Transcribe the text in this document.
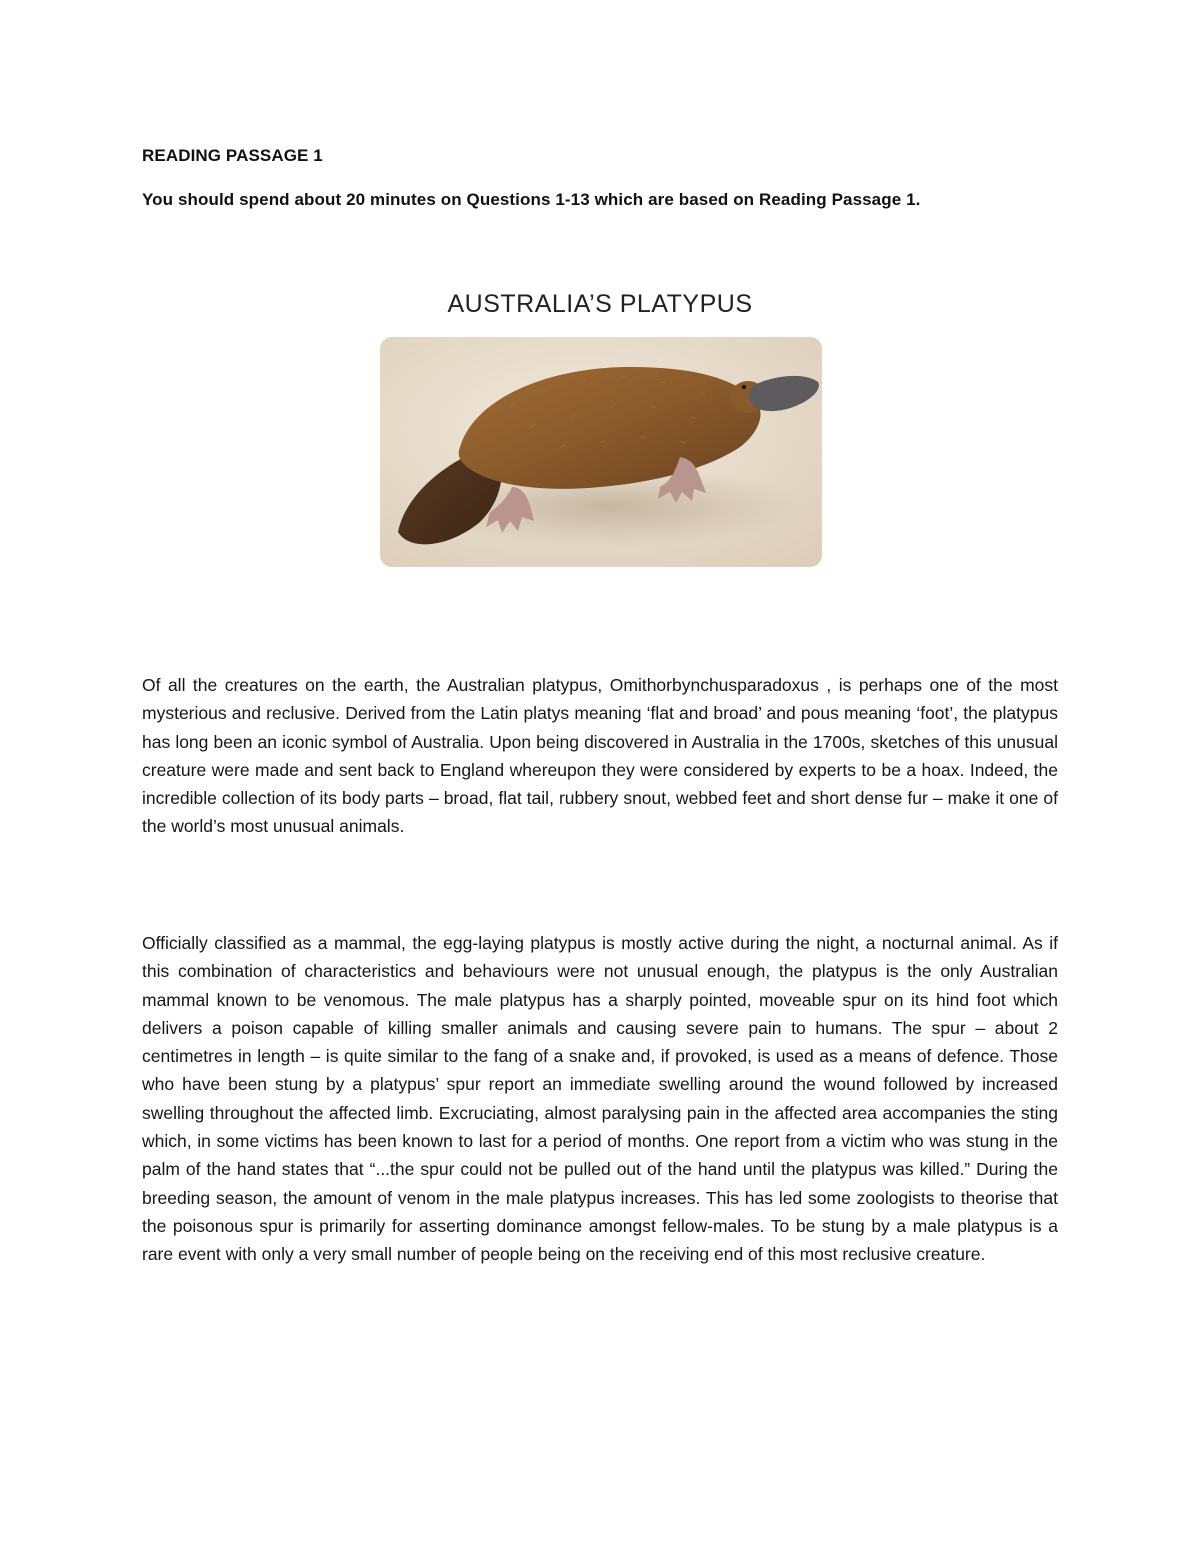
READING PASSAGE 1
You should spend about 20 minutes on Questions 1-13 which are based on Reading Passage 1.
AUSTRALIA’S PLATYPUS
Of all the creatures on the earth, the Australian platypus, Omithorbynchusparadoxus , is perhaps one of the most mysterious and reclusive. Derived from the Latin platys meaning ‘flat and broad’ and pous meaning ‘foot’, the platypus has long been an iconic symbol of Australia. Upon being discovered in Australia in the 1700s, sketches of this unusual creature were made and sent back to England whereupon they were considered by experts to be a hoax. Indeed, the incredible collection of its body parts – broad, flat tail, rubbery snout, webbed feet and short dense fur – make it one of the world’s most unusual animals.
Officially classified as a mammal, the egg-laying platypus is mostly active during the night, a nocturnal animal. As if this combination of characteristics and behaviours were not unusual enough, the platypus is the only Australian mammal known to be venomous. The male platypus has a sharply pointed, moveable spur on its hind foot which delivers a poison capable of killing smaller animals and causing severe pain to humans. The spur – about 2 centimetres in length – is quite similar to the fang of a snake and, if provoked, is used as a means of defence. Those who have been stung by a platypus’ spur report an immediate swelling around the wound followed by increased swelling throughout the affected limb. Excruciating, almost paralysing pain in the affected area accompanies the sting which, in some victims has been known to last for a period of months. One report from a victim who was stung in the palm of the hand states that “...the spur could not be pulled out of the hand until the platypus was killed.” During the breeding season, the amount of venom in the male platypus increases. This has led some zoologists to theorise that the poisonous spur is primarily for asserting dominance amongst fellow-males. To be stung by a male platypus is a rare event with only a very small number of people being on the receiving end of this most reclusive creature.
